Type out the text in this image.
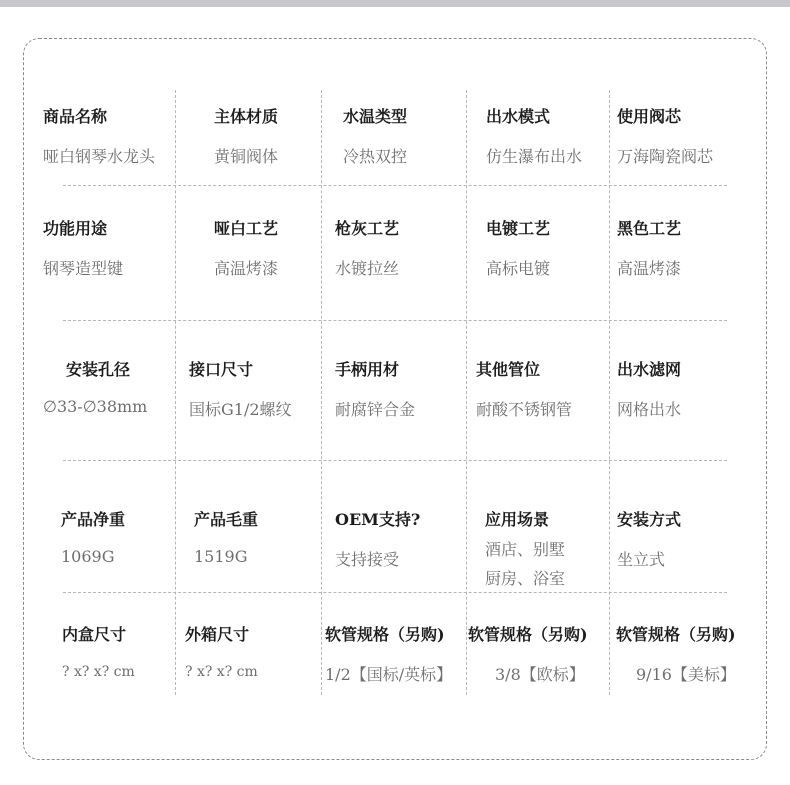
商品名称
哑白钢琴水龙头
主体材质
黄铜阀体
水温类型
冷热双控
出水模式
仿生瀑布出水
使用阀芯
万海陶瓷阀芯
功能用途
钢琴造型键
哑白工艺
高温烤漆
枪灰工艺
水镀拉丝
电镀工艺
高标电镀
黑色工艺
高温烤漆
安装孔径
∅33-∅38mm
接口尺寸
国标G1/2螺纹
手柄用材
耐腐锌合金
其他管位
耐酸不锈钢管
出水滤网
网格出水
产品净重
1069G
产品毛重
1519G
OEM支持?
支持接受
应用场景
酒店、别墅
厨房、浴室
安装方式
坐立式
内盒尺寸
? x? x? cm
外箱尺寸
? x? x? cm
软管规格（另购)
1/2【国标/英标】
软管规格（另购)
3/8【欧标】
软管规格（另购)
9/16【美标】
